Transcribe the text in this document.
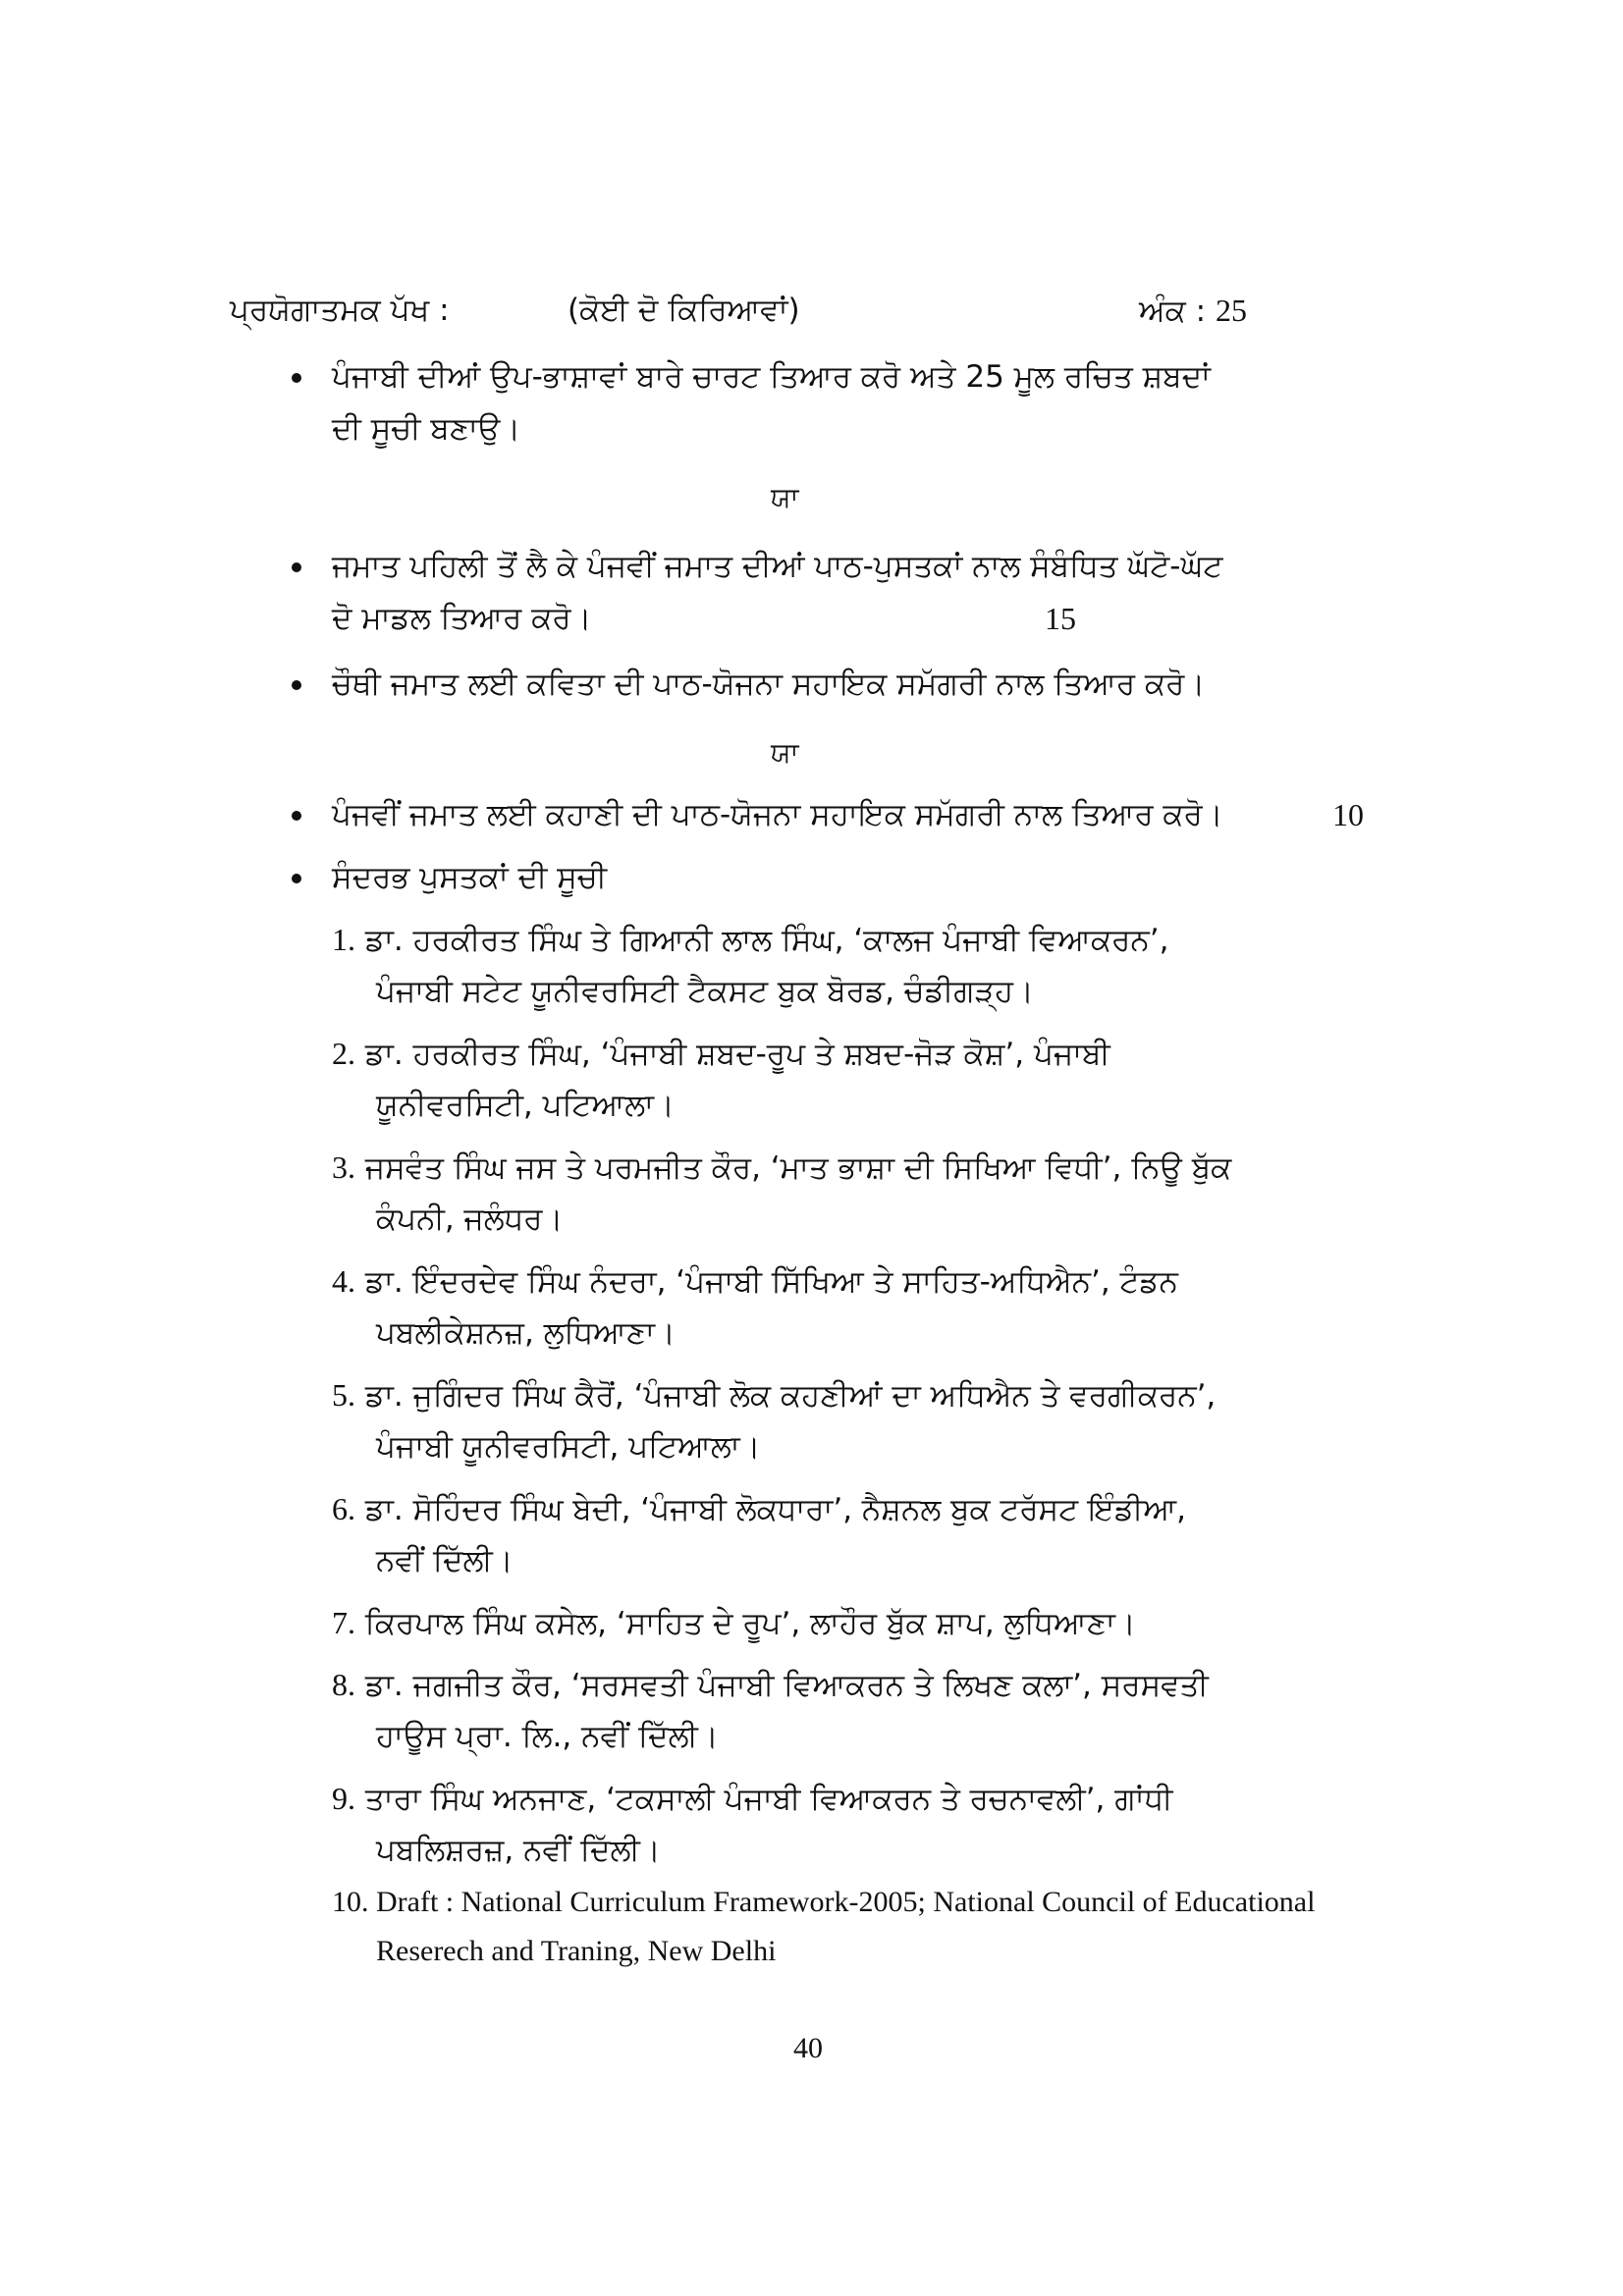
ਪ੍ਰਯੋਗਾਤਮਕ ਪੱਖ :	(ਕੋਈ ਦੋ ਕਿਰਿਆਵਾਂ)	ਅੰਕ : 25
ਪੰਜਾਬੀ ਦੀਆਂ ਉਪ-ਭਾਸ਼ਾਵਾਂ ਬਾਰੇ ਚਾਰਟ ਤਿਆਰ ਕਰੋ ਅਤੇ 25 ਮੂਲ ਰਚਿਤ ਸ਼ਬਦਾਂ
ਦੀ ਸੂਚੀ ਬਣਾਉ।
ਯਾ
ਜਮਾਤ ਪਹਿਲੀ ਤੋਂ ਲੈ ਕੇ ਪੰਜਵੀਂ ਜਮਾਤ ਦੀਆਂ ਪਾਠ-ਪੁਸਤਕਾਂ ਨਾਲ ਸੰਬੰਧਿਤ ਘੱਟੋ-ਘੱਟ
ਦੋ ਮਾਡਲ ਤਿਆਰ ਕਰੋ।	15
ਚੌਥੀ ਜਮਾਤ ਲਈ ਕਵਿਤਾ ਦੀ ਪਾਠ-ਯੋਜਨਾ ਸਹਾਇਕ ਸਮੱਗਰੀ ਨਾਲ ਤਿਆਰ ਕਰੋ।
ਯਾ
ਪੰਜਵੀਂ ਜਮਾਤ ਲਈ ਕਹਾਣੀ ਦੀ ਪਾਠ-ਯੋਜਨਾ ਸਹਾਇਕ ਸਮੱਗਰੀ ਨਾਲ ਤਿਆਰ ਕਰੋ।	10
ਸੰਦਰਭ ਪੁਸਤਕਾਂ ਦੀ ਸੂਚੀ
1. ਡਾ. ਹਰਕੀਰਤ ਸਿੰਘ ਤੇ ਗਿਆਨੀ ਲਾਲ ਸਿੰਘ, ‘ਕਾਲਜ ਪੰਜਾਬੀ ਵਿਆਕਰਨ’,
ਪੰਜਾਬੀ ਸਟੇਟ ਯੂਨੀਵਰਸਿਟੀ ਟੈਕਸਟ ਬੁਕ ਬੋਰਡ, ਚੰਡੀਗੜ੍ਹ।
2. ਡਾ. ਹਰਕੀਰਤ ਸਿੰਘ, ‘ਪੰਜਾਬੀ ਸ਼ਬਦ-ਰੂਪ ਤੇ ਸ਼ਬਦ-ਜੋੜ ਕੋਸ਼’, ਪੰਜਾਬੀ
ਯੂਨੀਵਰਸਿਟੀ, ਪਟਿਆਲਾ।
3. ਜਸਵੰਤ ਸਿੰਘ ਜਸ ਤੇ ਪਰਮਜੀਤ ਕੌਰ, ‘ਮਾਤ ਭਾਸ਼ਾ ਦੀ ਸਿਖਿਆ ਵਿਧੀ’, ਨਿਊ ਬੁੱਕ
ਕੰਪਨੀ, ਜਲੰਧਰ।
4. ਡਾ. ਇੰਦਰਦੇਵ ਸਿੰਘ ਨੰਦਰਾ, ‘ਪੰਜਾਬੀ ਸਿੱਖਿਆ ਤੇ ਸਾਹਿਤ-ਅਧਿਐਨ’, ਟੰਡਨ
ਪਬਲੀਕੇਸ਼ਨਜ਼, ਲੁਧਿਆਣਾ।
5. ਡਾ. ਜੁਗਿੰਦਰ ਸਿੰਘ ਕੈਰੋਂ, ‘ਪੰਜਾਬੀ ਲੋਕ ਕਹਣੀਆਂ ਦਾ ਅਧਿਐਨ ਤੇ ਵਰਗੀਕਰਨ’,
ਪੰਜਾਬੀ ਯੂਨੀਵਰਸਿਟੀ, ਪਟਿਆਲਾ।
6. ਡਾ. ਸੋਹਿੰਦਰ ਸਿੰਘ ਬੇਦੀ, ‘ਪੰਜਾਬੀ ਲੋਕਧਾਰਾ’, ਨੈਸ਼ਨਲ ਬੁਕ ਟਰੱਸਟ ਇੰਡੀਆ,
ਨਵੀਂ ਦਿੱਲੀ।
7. ਕਿਰਪਾਲ ਸਿੰਘ ਕਸੇਲ, ‘ਸਾਹਿਤ ਦੇ ਰੂਪ’, ਲਾਹੌਰ ਬੁੱਕ ਸ਼ਾਪ, ਲੁਧਿਆਣਾ।
8. ਡਾ. ਜਗਜੀਤ ਕੌਰ, ‘ਸਰਸਵਤੀ ਪੰਜਾਬੀ ਵਿਆਕਰਨ ਤੇ ਲਿਖਣ ਕਲਾ’, ਸਰਸਵਤੀ
ਹਾਊਸ ਪ੍ਰਾ. ਲਿ., ਨਵੀਂ ਦਿੱਲੀ।
9. ਤਾਰਾ ਸਿੰਘ ਅਨਜਾਣ, ‘ਟਕਸਾਲੀ ਪੰਜਾਬੀ ਵਿਆਕਰਨ ਤੇ ਰਚਨਾਵਲੀ’, ਗਾਂਧੀ
ਪਬਲਿਸ਼ਰਜ਼, ਨਵੀਂ ਦਿੱਲੀ।
10. Draft : National Curriculum Framework-2005; National Council of Educational
Reserech and Traning, New Delhi
40
